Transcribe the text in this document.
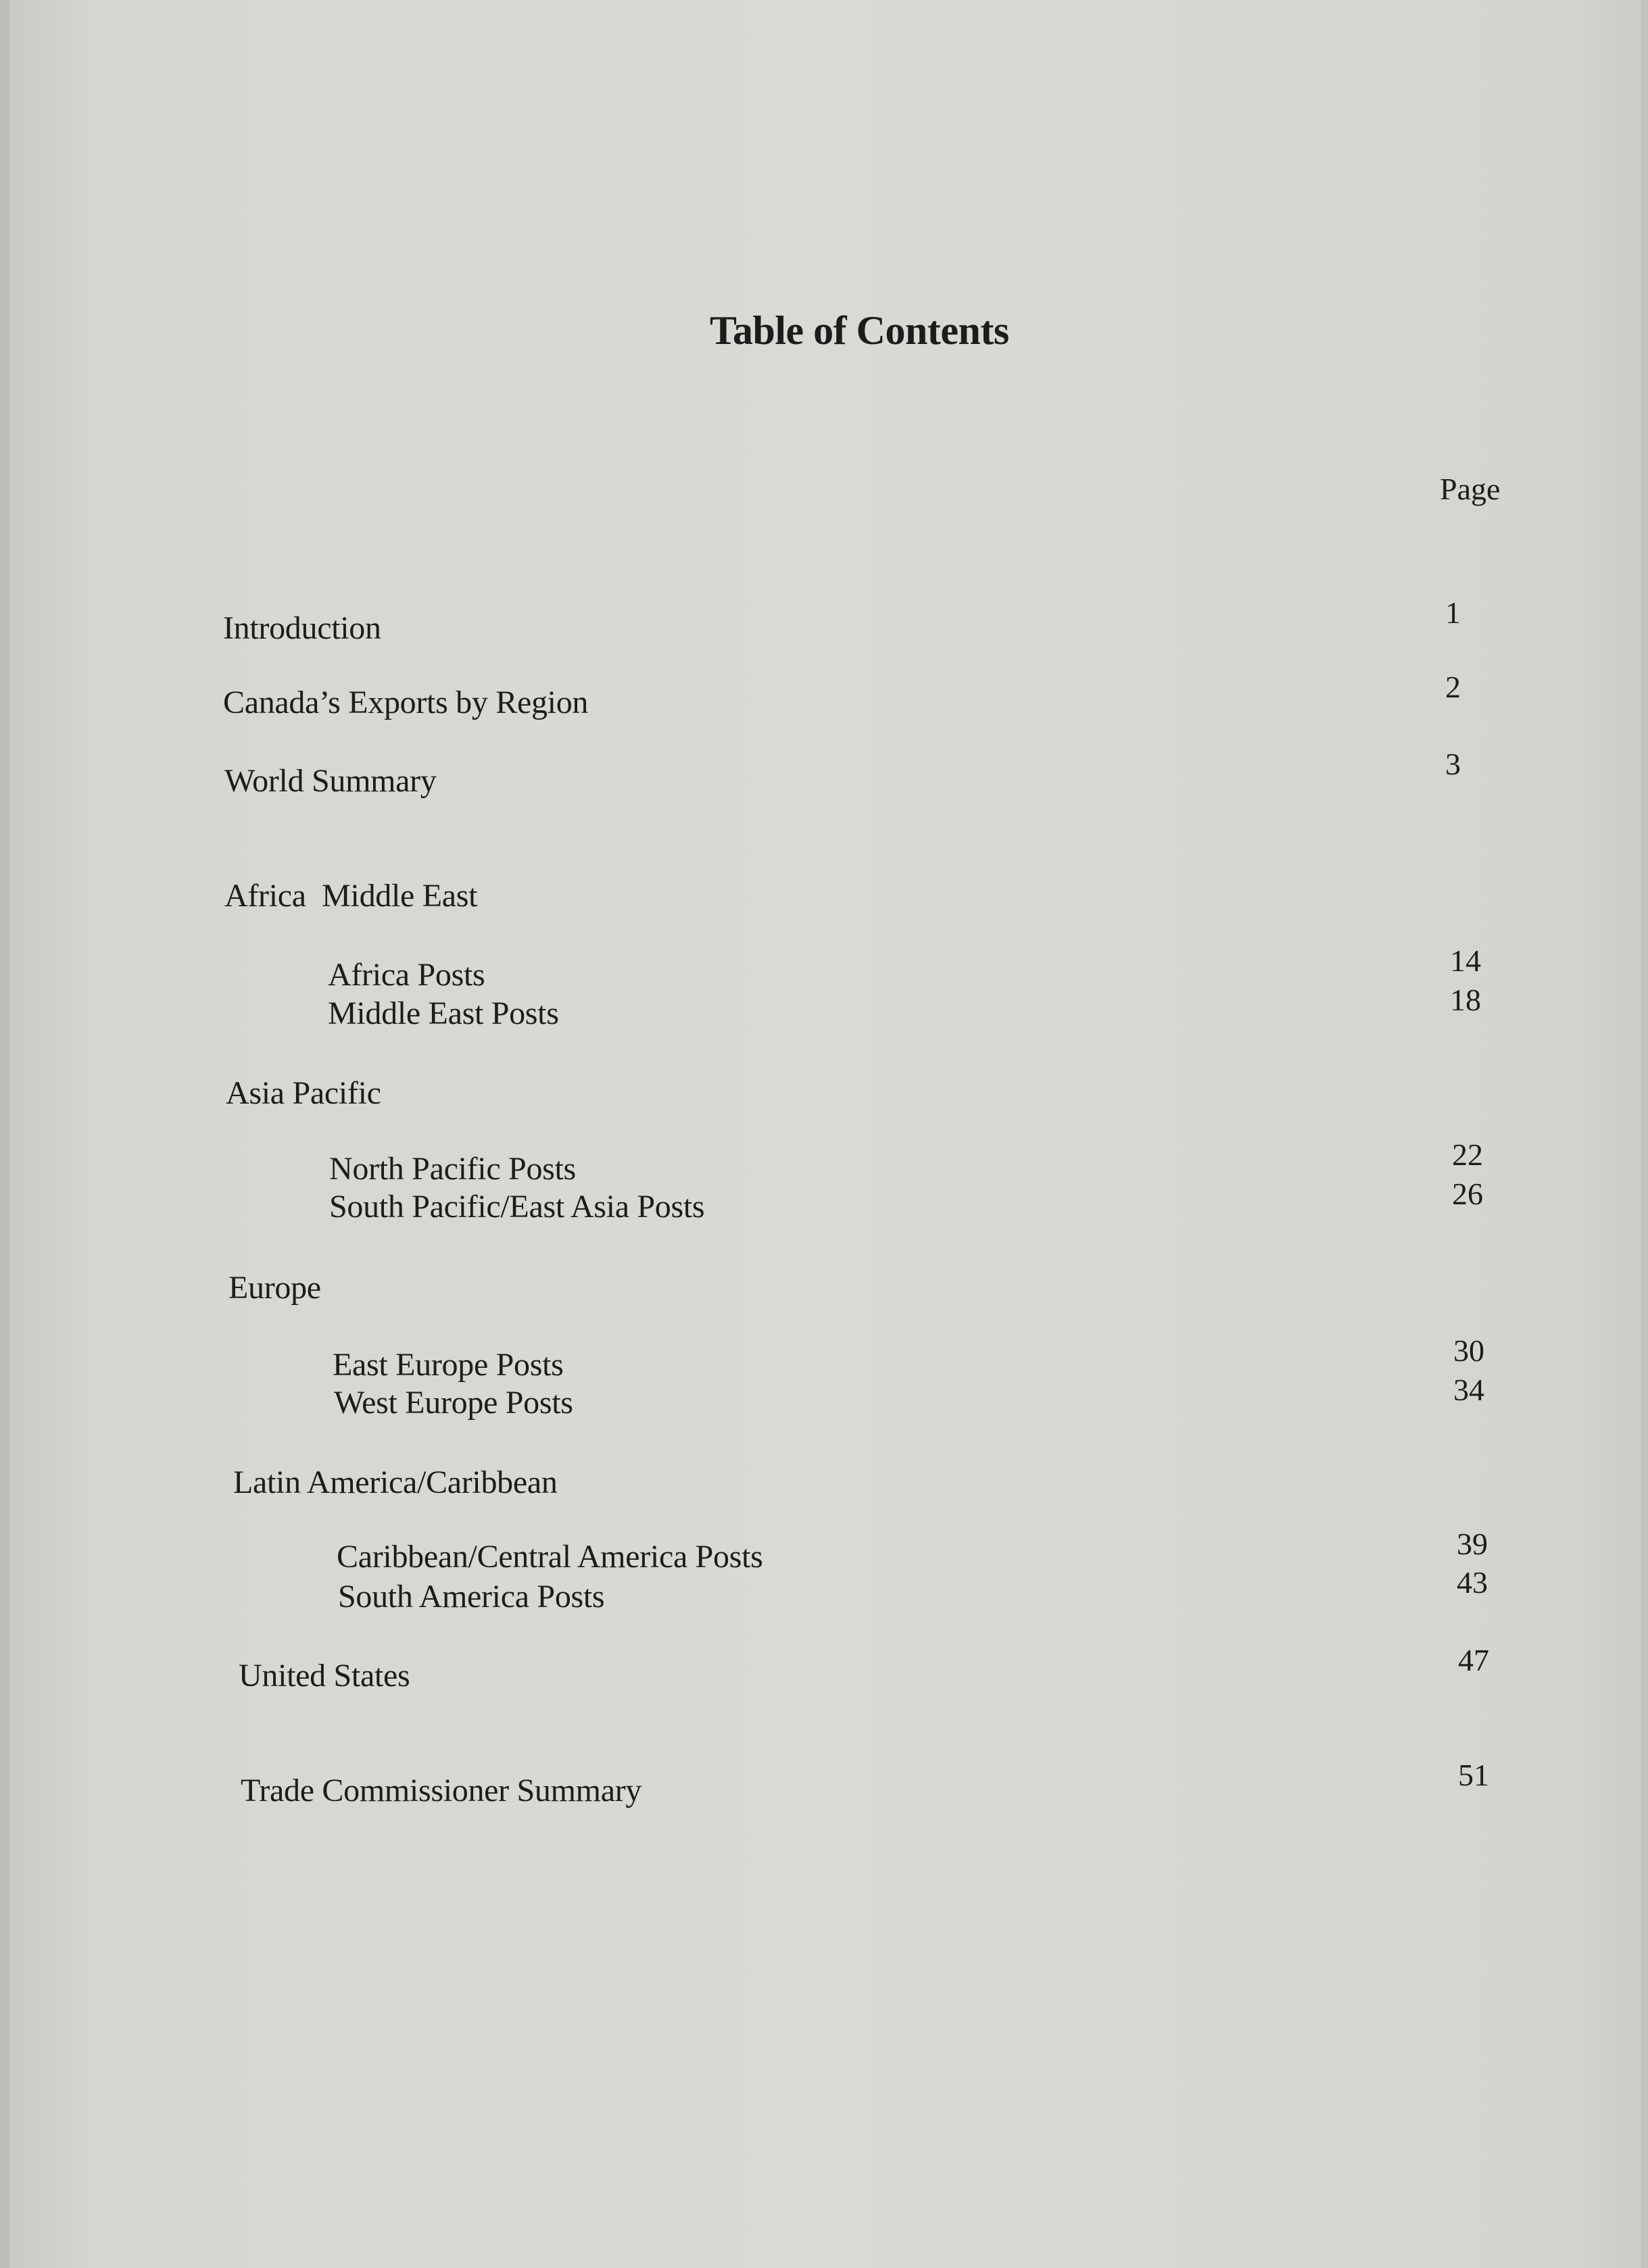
Table of Contents
Page
Introduction	1
Canada’s Exports by Region	2
World Summary	3
Africa  Middle East
Africa Posts	14
Middle East Posts	18
Asia Pacific
North Pacific Posts	22
South Pacific/East Asia Posts	26
Europe
East Europe Posts	30
West Europe Posts	34
Latin America/Caribbean
Caribbean/Central America Posts	39
South America Posts	43
United States	47
Trade Commissioner Summary	51
